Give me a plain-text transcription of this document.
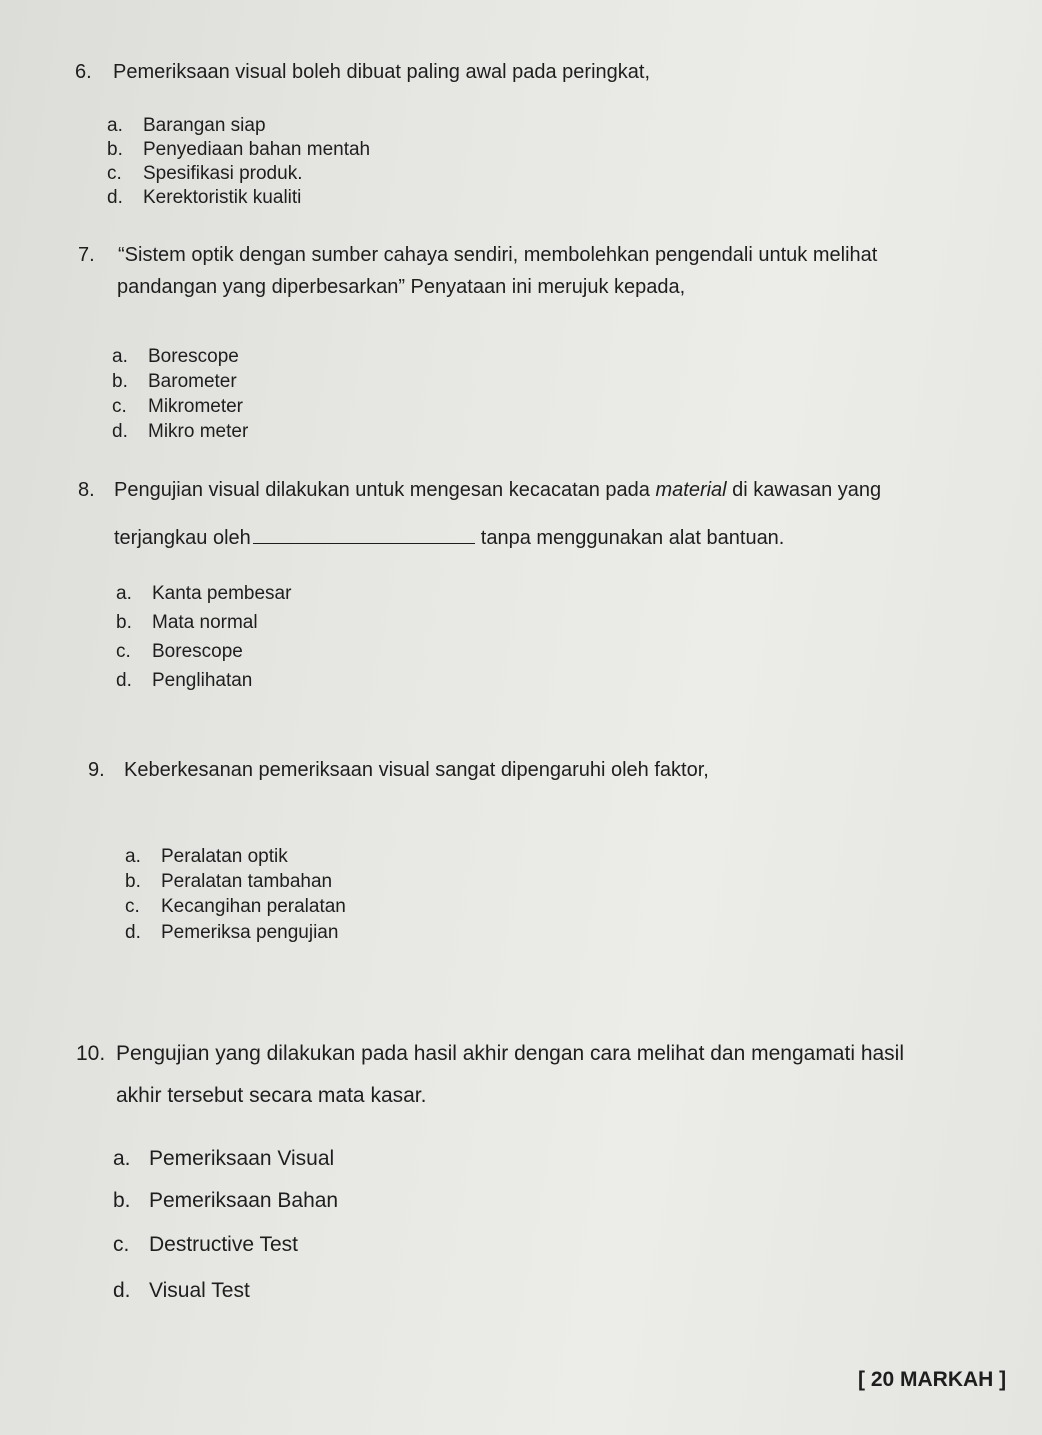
6. Pemeriksaan visual boleh dibuat paling awal pada peringkat,
a. Barangan siap
b. Penyediaan bahan mentah
c. Spesifikasi produk.
d. Kerektoristik kualiti
7. “Sistem optik dengan sumber cahaya sendiri, membolehkan pengendali untuk melihat
pandangan yang diperbesarkan” Penyataan ini merujuk kepada,
a. Borescope
b. Barometer
c. Mikrometer
d. Mikro meter
8. Pengujian visual dilakukan untuk mengesan kecacatan pada material di kawasan yang
terjangkau oleh	tanpa menggunakan alat bantuan.
a. Kanta pembesar
b. Mata normal
c. Borescope
d. Penglihatan
9. Keberkesanan pemeriksaan visual sangat dipengaruhi oleh faktor,
a. Peralatan optik
b. Peralatan tambahan
c. Kecangihan peralatan
d. Pemeriksa pengujian
10. Pengujian yang dilakukan pada hasil akhir dengan cara melihat dan mengamati hasil
akhir tersebut secara mata kasar.
a. Pemeriksaan Visual
b. Pemeriksaan Bahan
c. Destructive Test
d. Visual Test
[ 20 MARKAH ]
